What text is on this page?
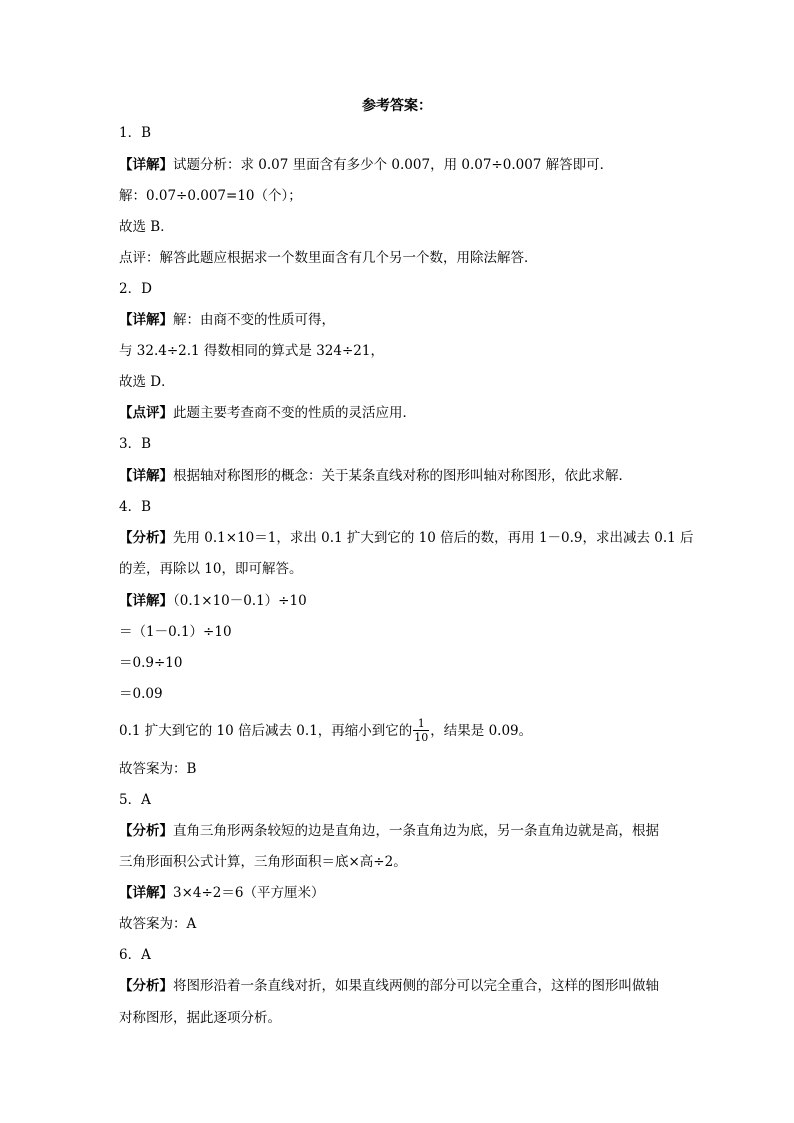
参考答案：
1．B
【详解】试题分析：求 0.07 里面含有多少个 0.007，用 0.07÷0.007 解答即可．
解：0.07÷0.007=10（个）；
故选 B．
点评：解答此题应根据求一个数里面含有几个另一个数，用除法解答．
2．D
【详解】解：由商不变的性质可得，
与 32.4÷2.1 得数相同的算式是 324÷21，
故选 D．
【点评】此题主要考查商不变的性质的灵活应用．
3．B
【详解】根据轴对称图形的概念：关于某条直线对称的图形叫轴对称图形，依此求解．
4．B
【分析】先用 0.1×10＝1，求出 0.1 扩大到它的 10 倍后的数，再用 1－0.9，求出减去 0.1 后
的差，再除以 10，即可解答。
【详解】（0.1×10－0.1）÷10
＝（1－0.1）÷10
＝0.9÷10
＝0.09
0.1 扩大到它的 10 倍后减去 0.1，再缩小到它的 $\frac{1}{10}$ ，结果是 0.09。
故答案为：B
5．A
【分析】直角三角形两条较短的边是直角边，一条直角边为底，另一条直角边就是高，根据
三角形面积公式计算，三角形面积＝底×高÷2。
【详解】3×4÷2＝6（平方厘米）
故答案为：A
6．A
【分析】将图形沿着一条直线对折，如果直线两侧的部分可以完全重合，这样的图形叫做轴
对称图形，据此逐项分析。
